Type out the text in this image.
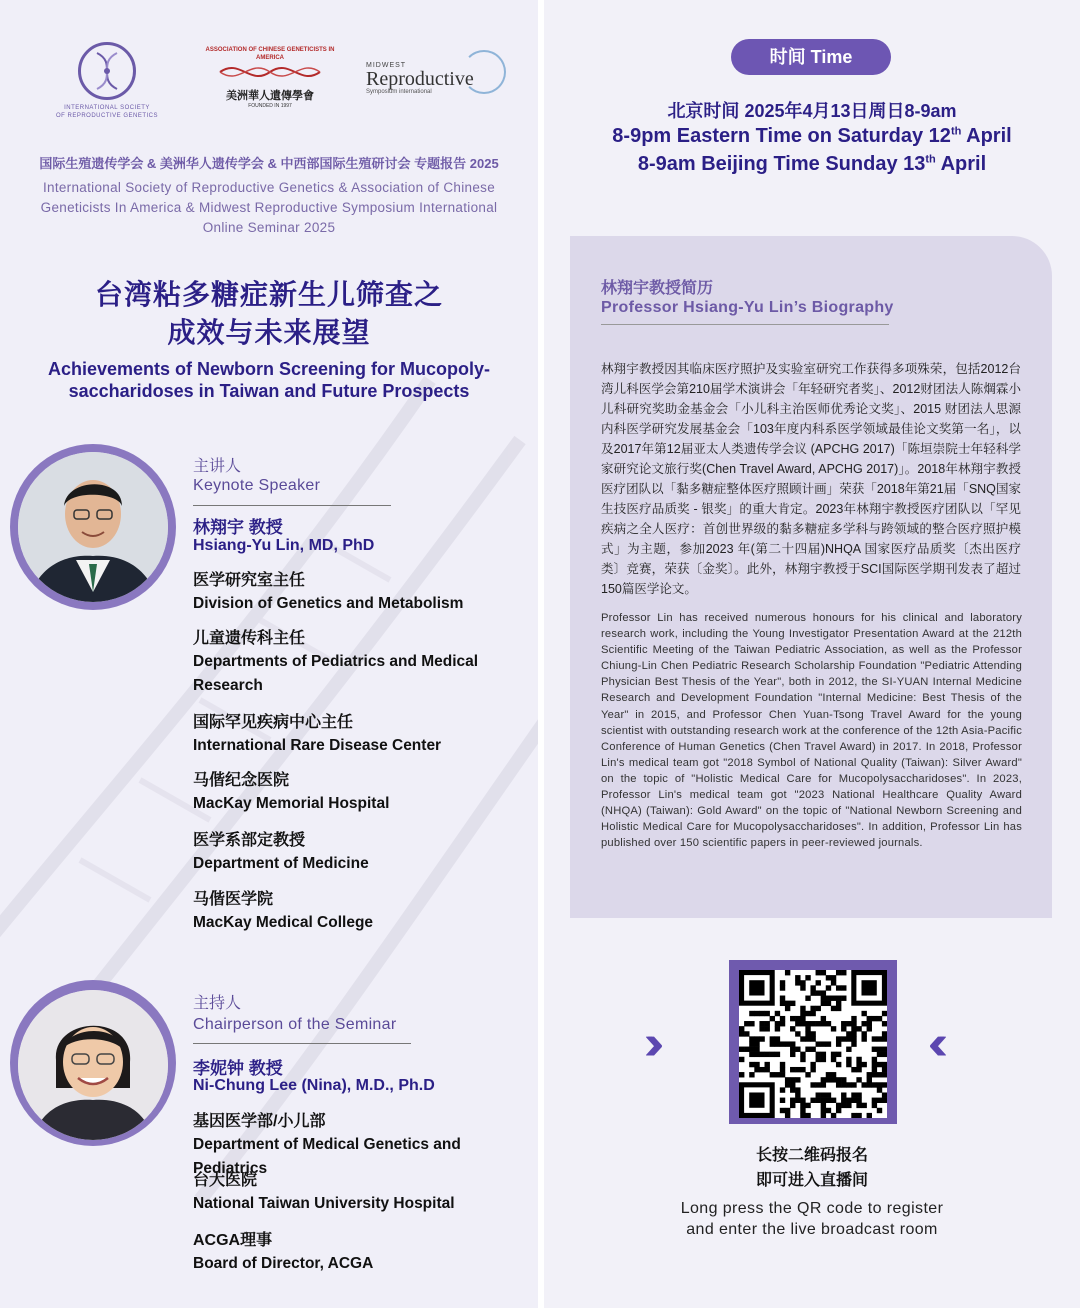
INTERNATIONAL SOCIETY
OF REPRODUCTIVE GENETICS
ASSOCIATION OF CHINESE GENETICISTS IN AMERICA
美洲華人遺傳學會
FOUNDED IN 1997
MIDWEST
Reproductive
Symposium international
国际生殖遗传学会 & 美洲华人遗传学会 & 中西部国际生殖研讨会 专题报告 2025
International Society of Reproductive Genetics & Association of Chinese
Geneticists In America & Midwest Reproductive Symposium International
Online Seminar 2025
台湾粘多糖症新生儿筛查之
成效与未来展望
Achievements of Newborn Screening for Mucopoly-
saccharidoses in Taiwan and Future Prospects
主讲人
Keynote Speaker
林翔宇 教授
Hsiang-Yu Lin, MD, PhD
医学研究室主任
Division of Genetics and Metabolism
儿童遗传科主任
Departments of Pediatrics and Medical
Research
国际罕见疾病中心主任
International Rare Disease Center
马偕纪念医院
MacKay Memorial Hospital
医学系部定教授
Department of Medicine
马偕医学院
MacKay Medical College
主持人
Chairperson of the Seminar
李妮钟 教授
Ni-Chung Lee (Nina), M.D., Ph.D
基因医学部/小儿部
Department of Medical Genetics and Pediatrics
台大医院
National Taiwan University Hospital
ACGA理事
Board of Director, ACGA
时间 Time
北京时间 2025年4月13日周日8-9am
8-9pm Eastern Time on Saturday 12th April
8-9am Beijing Time Sunday 13th April
林翔宇教授简历
Professor Hsiang-Yu Lin’s Biography
林翔宇教授因其临床医疗照护及实验室研究工作获得多项殊荣，包括2012台湾儿科医学会第210届学术演讲会「年轻研究者奖」、2012财团法人陈焵霖小儿科研究奖助金基金会「小儿科主治医师优秀论文奖」、2015 财团法人思源内科医学研究发展基金会「103年度内科系医学领域最佳论文奖第一名」，以及2017年第12届亚太人类遗传学会议 (APCHG 2017)「陈垣崇院士年轻科学家研究论文旅行奖(Chen Travel Award, APCHG 2017)」。2018年林翔宇教授医疗团队以「黏多糖症整体医疗照顾计画」荣获「2018年第21届「SNQ国家生技医疗品质奖 - 银奖」的重大肯定。2023年林翔宇教授医疗团队以「罕见疾病之全人医疗：首创世界级的黏多糖症多学科与跨领域的整合医疗照护模式」为主题，参加2023 年(第二十四届)NHQA 国家医疗品质奖〔杰出医疗类〕竞赛，荣获〔金奖〕。此外，林翔宇教授于SCI国际医学期刊发表了超过150篇医学论文。
Professor Lin has received numerous honours for his clinical and laboratory research work, including the Young Investigator Presentation Award at the 212th Scientific Meeting of the Taiwan Pediatric Association, as well as the Professor Chiung-Lin Chen Pediatric Research Scholarship Foundation "Pediatric Attending Physician Best Thesis of the Year", both in 2012, the SI-YUAN Internal Medicine Research and Development Foundation "Internal Medicine: Best Thesis of the Year" in 2015, and Professor Chen Yuan-Tsong Travel Award for the young scientist with outstanding research work at the conference of the 12th Asia-Pacific Conference of Human Genetics (Chen Travel Award) in 2017. In 2018, Professor Lin's medical team got "2018 Symbol of National Quality (Taiwan): Silver Award" on the topic of "Holistic Medical Care for Mucopolysaccharidoses". In 2023, Professor Lin's medical team got "2023 National Healthcare Quality Award (NHQA) (Taiwan): Gold Award" on the topic of "National Newborn Screening and Holistic Medical Care for Mucopolysaccharidoses". In addition, Professor Lin has published over 150 scientific papers in peer-reviewed journals.
›››	‹‹‹
长按二维码报名
即可进入直播间
Long press the QR code to register
and enter the live broadcast room
